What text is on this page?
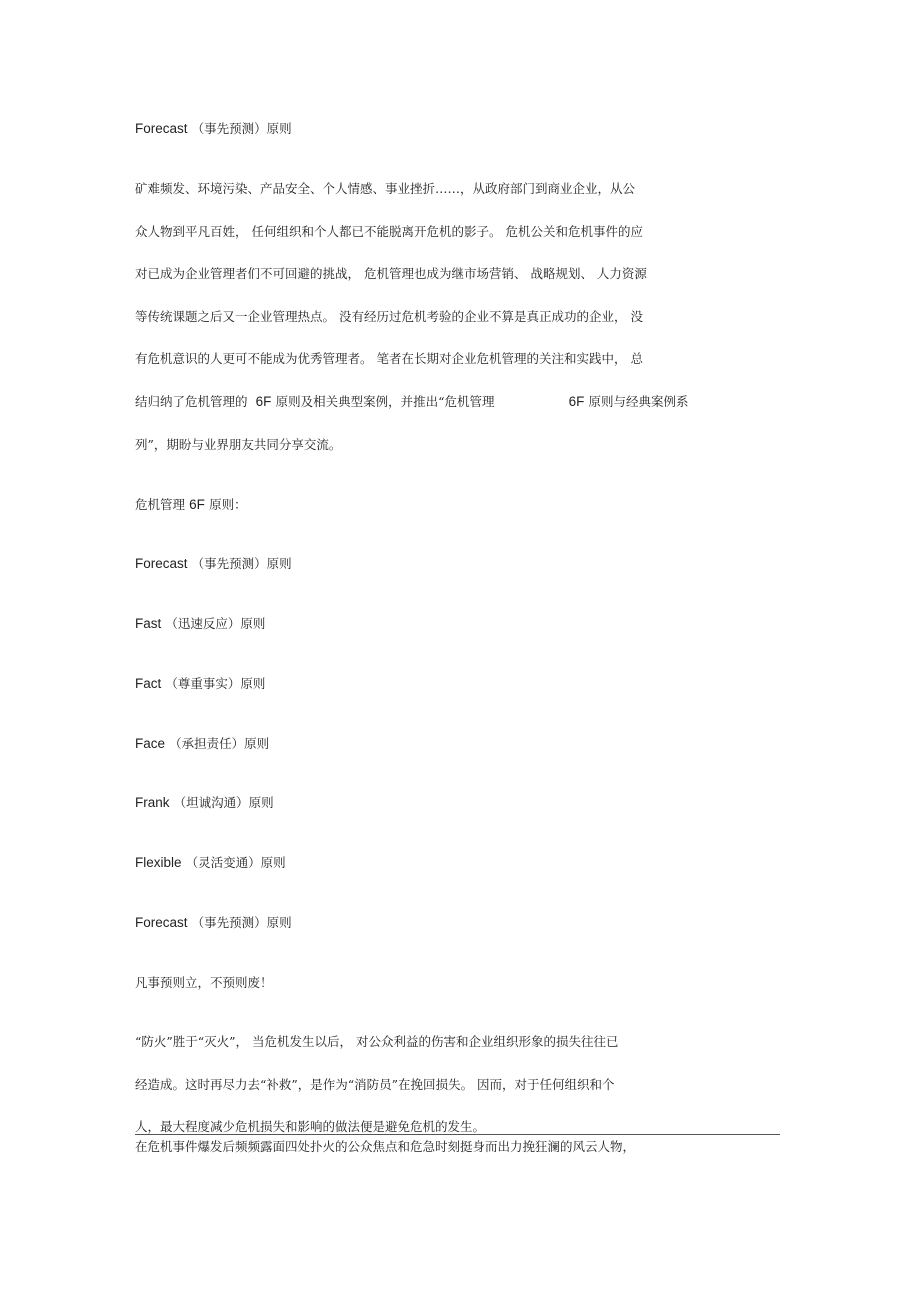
Forecast （事先预测）原则
矿难频发、环境污染、产品安全、个人情感、事业挫折……，从政府部门到商业企业，从公
众人物到平凡百姓， 任何组织和个人都已不能脱离开危机的影子。 危机公关和危机事件的应
对已成为企业管理者们不可回避的挑战， 危机管理也成为继市场营销、 战略规划、 人力资源
等传统课题之后又一企业管理热点。 没有经历过危机考验的企业不算是真正成功的企业， 没
有危机意识的人更可不能成为优秀管理者。 笔者在长期对企业危机管理的关注和实践中， 总
结归纳了危机管理的 6F 原则及相关典型案例，并推出“危机管理	6F 原则与经典案例系
列”，期盼与业界朋友共同分享交流。
危机管理 6F 原则：
Forecast （事先预测）原则
Fast （迅速反应）原则
Fact （尊重事实）原则
Face （承担责任）原则
Frank （坦诚沟通）原则
Flexible （灵活变通）原则
Forecast （事先预测）原则
凡事预则立，不预则废！
“防火”胜于“灭火”， 当危机发生以后， 对公众利益的伤害和企业组织形象的损失往往已
经造成。这时再尽力去“补救”，是作为“消防员”在挽回损失。 因而，对于任何组织和个
人，最大程度减少危机损失和影响的做法便是避免危机的发生。
在危机事件爆发后频频露面四处扑火的公众焦点和危急时刻挺身而出力挽狂澜的风云人物，
